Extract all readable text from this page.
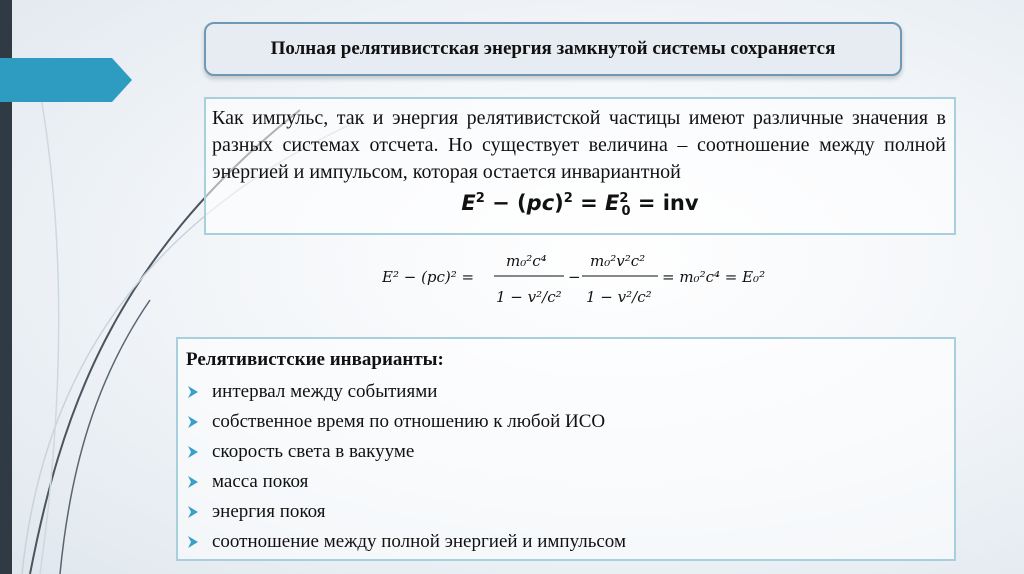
Полная релятивистская энергия замкнутой системы сохраняется

Как импульс, так и энергия релятивистской частицы имеют различные значения в разных системах отсчета. Но существует величина – соотношение между полной энергией и импульсом, которая остается инвариантной

$E^2 - (pc)^2 = E^2_0$ = inv
E² − (pc)² =
m₀²c⁴
1 − v²/c²
−
m₀²v²c²
1 − v²/c²
= m₀²c⁴ = E₀²

Релятивистские инварианты:

интервал между событиями
собственное время по отношению к любой ИСО
скорость света в вакууме
масса покоя
энергия покоя
соотношение между полной энергией и импульсом
